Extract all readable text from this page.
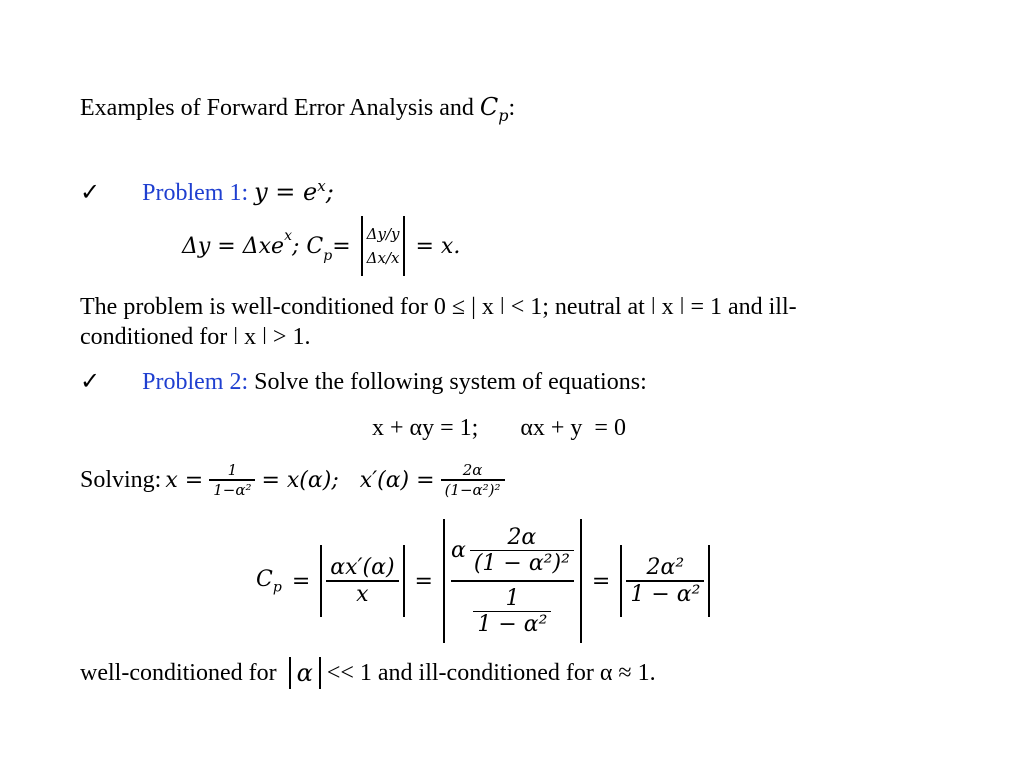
Examples of Forward Error Analysis and $C_p$:
✓ Problem 1: $y = e^x$;
Δy = Δxe$^x$ ; $C_p = \Delta y/y$
Δx/x = x.
The problem is well-conditioned for 0 ≤ | x ǀ < 1; neutral at ǀ x ǀ = 1 and ill-
conditioned for ǀ x ǀ > 1.
✓ Problem 2: Solve the following system of equations:
x + αy = 1;       αx + y  = 0
Solving: $x = \frac{1}{\text{1−α²}} = x(\alpha)$;   $x'(\alpha) = \frac{2\alpha}{\text{(1−α²)²}}$
$C_p = \frac{\alpha x'(\alpha)}{x}$ =
α $\frac{2\alpha}{\text{(1 − α²)²}}$
$\frac{1}{\text{1 − α²}}$
= $\frac{\text{2α²}}{\text{1 − α²}}$
well-conditioned for α << 1 and ill-conditioned for α ≈ 1.
